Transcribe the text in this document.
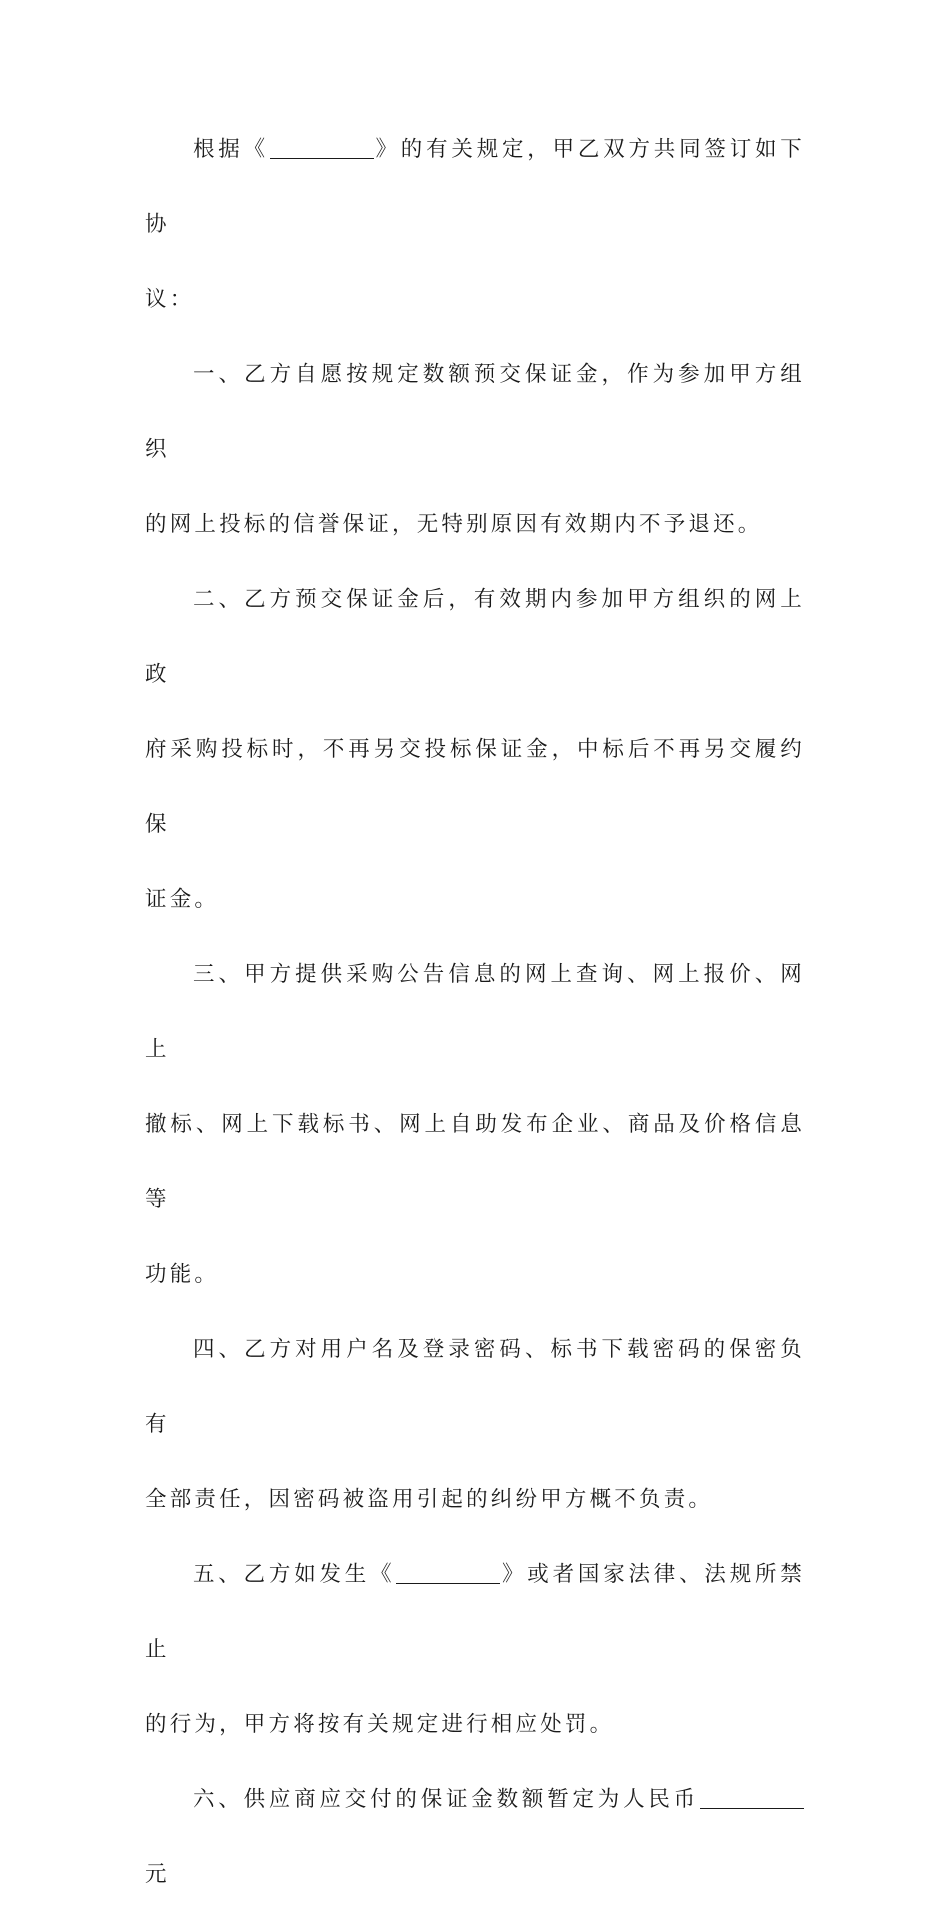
根据《	》的有关规定，甲乙双方共同签订如下协
议：
一、乙方自愿按规定数额预交保证金，作为参加甲方组织
的网上投标的信誉保证，无特别原因有效期内不予退还。
二、乙方预交保证金后，有效期内参加甲方组织的网上政
府采购投标时，不再另交投标保证金，中标后不再另交履约保
证金。
三、甲方提供采购公告信息的网上查询、网上报价、网上
撤标、网上下载标书、网上自助发布企业、商品及价格信息等
功能。
四、乙方对用户名及登录密码、标书下载密码的保密负有
全部责任，因密码被盗用引起的纠纷甲方概不负责。
五、乙方如发生《	》或者国家法律、法规所禁止
的行为，甲方将按有关规定进行相应处罚。
六、供应商应交付的保证金数额暂定为人民币元
